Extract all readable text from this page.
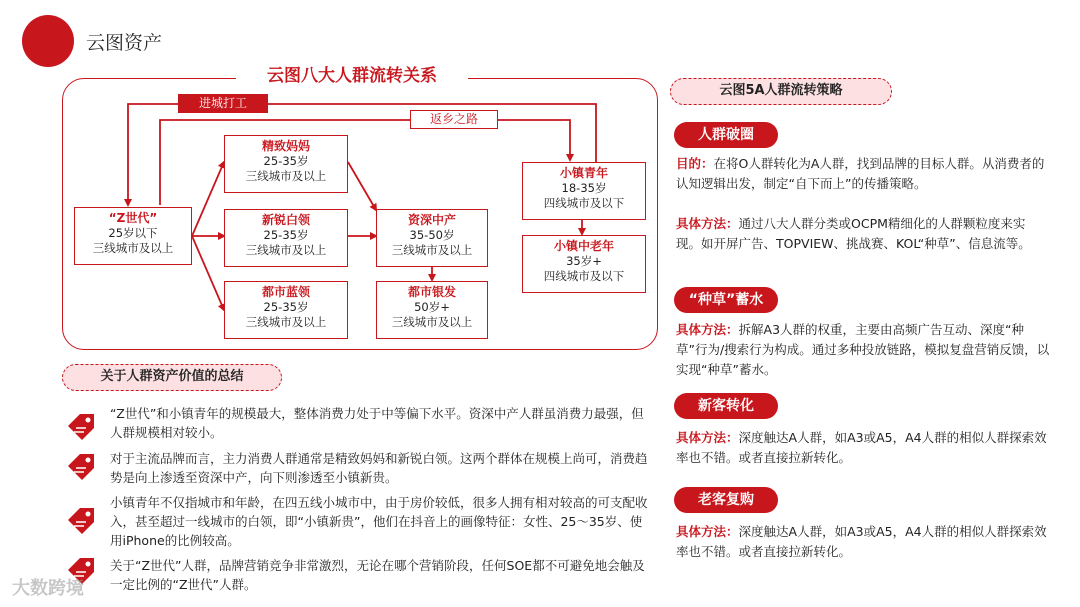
云图资产
云图八大人群流转关系
进城打工
返乡之路
“Z世代”
25岁以下
三线城市及以上
精致妈妈
25-35岁
三线城市及以上
新锐白领
25-35岁
三线城市及以上
都市蓝领
25-35岁
三线城市及以上
资深中产
35-50岁
三线城市及以上
都市银发
50岁+
三线城市及以上
小镇青年
18-35岁
四线城市及以下
小镇中老年
35岁+
四线城市及以下
关于人群资产价值的总结
“Z世代”和小镇青年的规模最大，整体消费力处于中等偏下水平。资深中产人群虽消费力最强，但人群规模相对较小。
对于主流品牌而言，主力消费人群通常是精致妈妈和新锐白领。这两个群体在规模上尚可，消费趋势是向上渗透至资深中产，向下则渗透至小镇新贵。
小镇青年不仅指城市和年龄，在四五线小城市中，由于房价较低，很多人拥有相对较高的可支配收入，甚至超过一线城市的白领，即“小镇新贵”，他们在抖音上的画像特征：女性、25～35岁、使用iPhone的比例较高。
关于“Z世代”人群，品牌营销竞争非常激烈，无论在哪个营销阶段，任何SOE都不可避免地会触及一定比例的“Z世代”人群。
云图5A人群流转策略
人群破圈
目的：在将O人群转化为A人群，找到品牌的目标人群。从消费者的认知逻辑出发，制定“自下而上”的传播策略。
具体方法：通过八大人群分类或OCPM精细化的人群颗粒度来实现。如开屏广告、TOPVIEW、挑战赛、KOL“种草”、信息流等。
“种草”蓄水
具体方法：拆解A3人群的权重，主要由高频广告互动、深度“种草”行为/搜索行为构成。通过多种投放链路，模拟复盘营销反馈，以实现“种草”蓄水。
新客转化
具体方法：深度触达A人群，如A3或A5，A4人群的相似人群探索效率也不错。或者直接拉新转化。
老客复购
具体方法：深度触达A人群，如A3或A5，A4人群的相似人群探索效率也不错。或者直接拉新转化。
大数跨境
